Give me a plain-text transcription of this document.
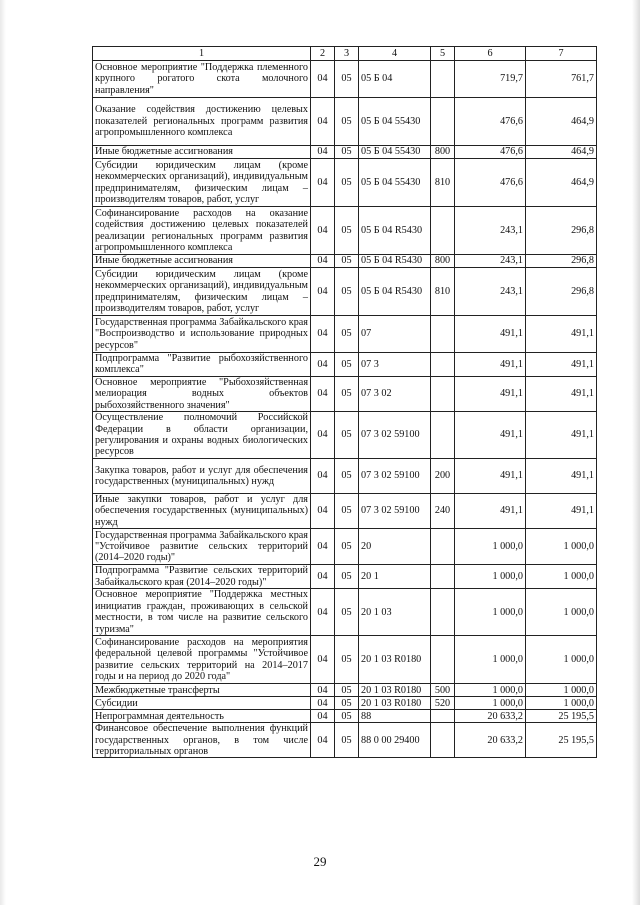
1	2	3	4	5	6	7
Основное мероприятие "Поддержка племенного крупного рогатого скота молочного направления"	04	05	05 Б 04		719,7	761,7
Оказание содействия достижению целевых показателей региональных программ развития агропромышленного комплекса	04	05	05 Б 04 55430		476,6	464,9
Иные бюджетные ассигнования	04	05	05 Б 04 55430	800	476,6	464,9
Субсидии юридическим лицам (кроме некоммерческих организаций), индивидуальным предпринимателям, физическим лицам – производителям товаров, работ, услуг	04	05	05 Б 04 55430	810	476,6	464,9
Софинансирование расходов на оказание содействия достижению целевых показателей реализации региональных программ развития агропромышленного комплекса	04	05	05 Б 04 R5430		243,1	296,8
Иные бюджетные ассигнования	04	05	05 Б 04 R5430	800	243,1	296,8
Субсидии юридическим лицам (кроме некоммерческих организаций), индивидуальным предпринимателям, физическим лицам – производителям товаров, работ, услуг	04	05	05 Б 04 R5430	810	243,1	296,8
Государственная программа Забайкальского края "Воспроизводство и использование природных ресурсов"	04	05	07		491,1	491,1
Подпрограмма "Развитие рыбохозяйственного комплекса"	04	05	07 3		491,1	491,1
Основное мероприятие "Рыбохозяйственная мелиорация водных объектов рыбохозяйственного значения"	04	05	07 3 02		491,1	491,1
Осуществление полномочий Российской Федерации в области организации, регулирования и охраны водных биологических ресурсов	04	05	07 3 02 59100		491,1	491,1
Закупка товаров, работ и услуг для обеспечения государственных (муниципальных) нужд	04	05	07 3 02 59100	200	491,1	491,1
Иные закупки товаров, работ и услуг для обеспечения государственных (муниципальных) нужд	04	05	07 3 02 59100	240	491,1	491,1
Государственная программа Забайкальского края "Устойчивое развитие сельских территорий (2014–2020 годы)"	04	05	20		1 000,0	1 000,0
Подпрограмма "Развитие сельских территорий Забайкальского края (2014–2020 годы)"	04	05	20 1		1 000,0	1 000,0
Основное мероприятие "Поддержка местных инициатив граждан, проживающих в сельской местности, в том числе на развитие сельского туризма"	04	05	20 1 03		1 000,0	1 000,0
Софинансирование расходов на мероприятия федеральной целевой программы "Устойчивое развитие сельских территорий на 2014–2017 годы и на период до 2020 года"	04	05	20 1 03 R0180		1 000,0	1 000,0
Межбюджетные трансферты	04	05	20 1 03 R0180	500	1 000,0	1 000,0
Субсидии	04	05	20 1 03 R0180	520	1 000,0	1 000,0
Непрограммная деятельность	04	05	88		20 633,2	25 195,5
Финансовое обеспечение выполнения функций государственных органов, в том числе территориальных органов	04	05	88 0 00 29400		20 633,2	25 195,5
29
